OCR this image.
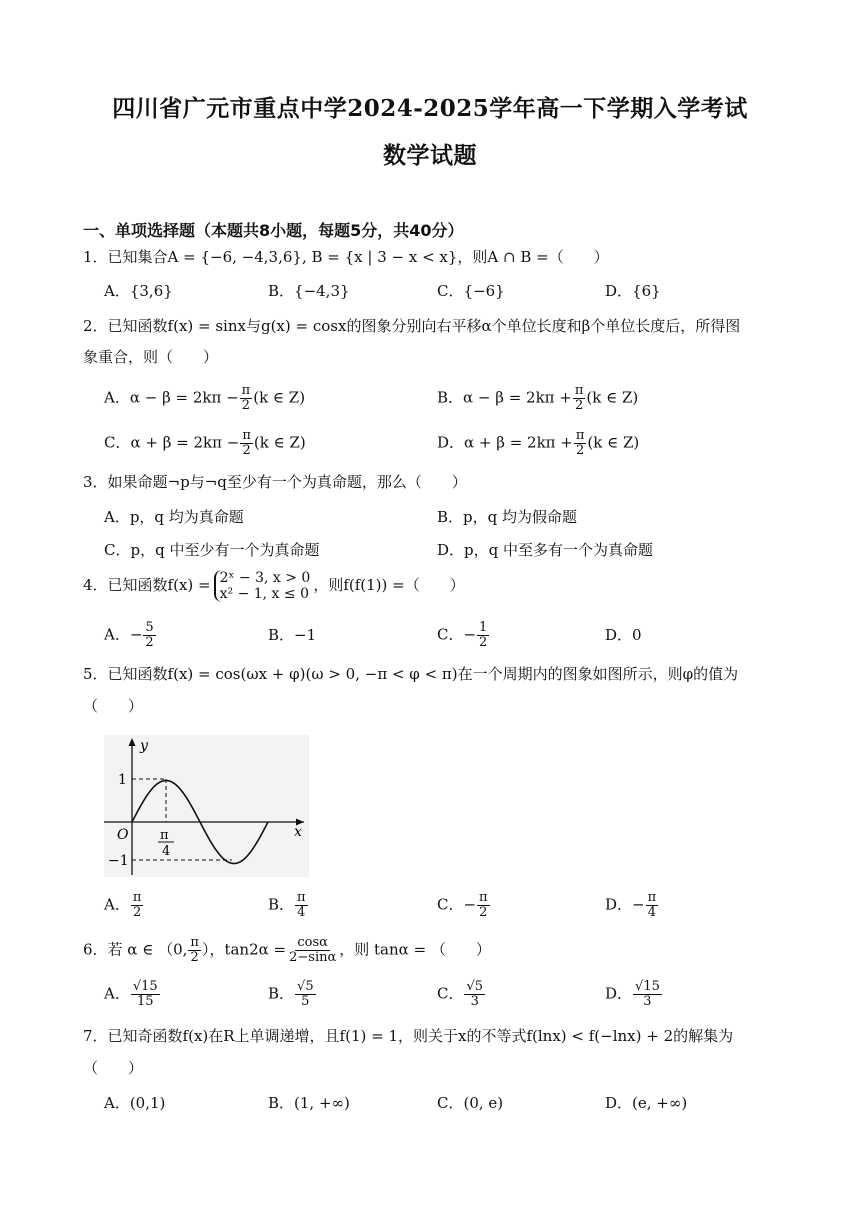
四川省广元市重点中学2024-2025学年高一下学期入学考试
数学试题
一、单项选择题（本题共8小题，每题5分，共40分）
1．已知集合A = {−6, −4,3,6}, B = {x | 3 − x < x}，则A ∩ B =（　　）
A．{3,6}	B．{−4,3}	C．{−6}	D．{6}
2．已知函数f(x) = sinx与g(x) = cosx的图象分别向右平移α个单位长度和β个单位长度后，所得图
象重合，则（　　）
A．$\alpha - \beta = 2k\pi - \frac{\pi}{2} (k$ ∈ Z)	B．$\alpha - \beta = 2k\pi + \frac{\pi}{2} (k$ ∈ Z)
C．$\alpha + \beta = 2k\pi - \frac{\pi}{2} (k$ ∈ Z)	D．$\alpha + \beta = 2k\pi + \frac{\pi}{2} (k$ ∈ Z)
3．如果命题¬p与¬q至少有一个为真命题，那么（　　）
A．p，q 均为真命题	B．p，q 均为假命题
C．p，q 中至少有一个为真命题	D．p，q 中至多有一个为真命题
4．已知函数f(x) = 2ˣ − 3, x > 0
x² − 1, x ≤ 0 ，则f(f(1)) =（　　）
A．− $\frac{5}{2}$	B．−1	C．− $\frac{1}{2}$	D．0
5．已知函数f(x) = cos(ωx + φ)(ω > 0, −π < φ < π)在一个周期内的图象如图所示，则φ的值为
（　　）
y
x
O
1
−1
π
4
A． $\frac{\pi}{2}$	B． $\frac{\pi}{4}$	C．− $\frac{\pi}{2}$	D．− $\frac{\pi}{4}$
6．若 α ∈ （0, $\frac{\pi}{2}$ ），$\tan 2\alpha = \frac{\cos\alpha}{2-\sin\alpha}$ ，则 tanα = （　　）
A． $\frac{√15}{15}$	B． $\frac{√5}{5}$	C． $\frac{√5}{3}$	D． $\frac{√15}{3}$
7．已知奇函数f(x)在R上单调递增，且f(1) = 1，则关于x的不等式f(lnx) < f(−lnx) + 2的解集为
（　　）
A．(0,1)	B．(1, +∞)	C．(0, e)	D．(e, +∞)
